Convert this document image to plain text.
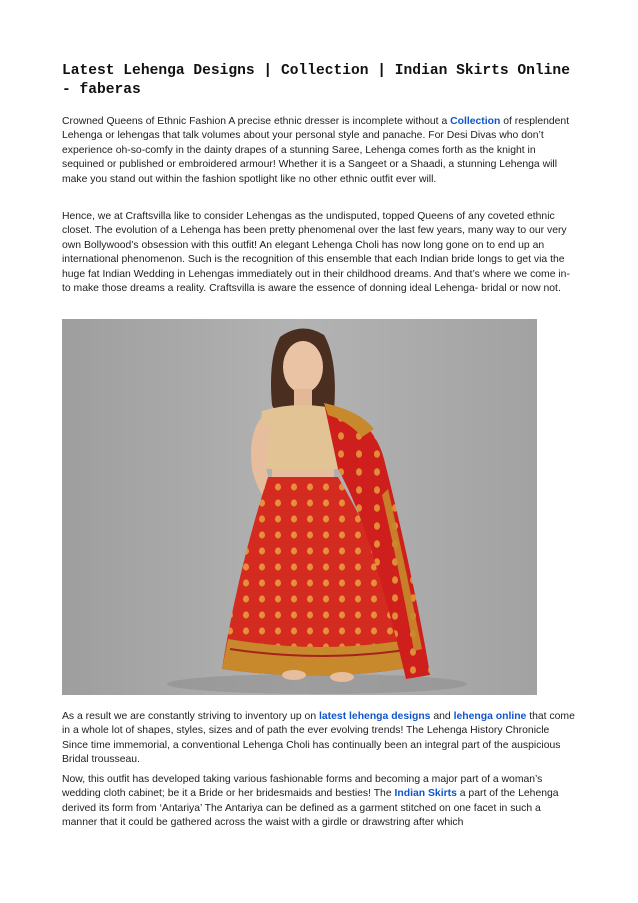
Latest Lehenga Designs | Collection | Indian Skirts Online - faberas

Crowned Queens of Ethnic Fashion A precise ethnic dresser is incomplete without a Collection of resplendent Lehenga or lehengas that talk volumes about your personal style and panache. For Desi Divas who don’t experience oh-so-comfy in the dainty drapes of a stunning Saree, Lehenga comes forth as the knight in sequined or published or embroidered armour! Whether it is a Sangeet or a Shaadi, a stunning Lehenga will make you stand out within the fashion spotlight like no other ethnic outfit ever will.

Hence, we at Craftsvilla like to consider Lehengas as the undisputed, topped Queens of any coveted ethnic closet. The evolution of a Lehenga has been pretty phenomenal over the last few years, many way to our very own Bollywood’s obsession with this outfit! An elegant Lehenga Choli has now long gone on to end up an international phenomenon. Such is the recognition of this ensemble that each Indian bride longs to get via the huge fat Indian Wedding in Lehengas immediately out in their childhood dreams. And that’s where we come in- to make those dreams a reality. Craftsvilla is aware the essence of donning ideal Lehenga- bridal or now not.

As a result we are constantly striving to inventory up on latest lehenga designs and lehenga online that come in a whole lot of shapes, styles, sizes and of path the ever evolving trends! The Lehenga History Chronicle Since time immemorial, a conventional Lehenga Choli has continually been an integral part of the auspicious Bridal trousseau.

Now, this outfit has developed taking various fashionable forms and becoming a major part of a woman’s wedding cloth cabinet; be it a Bride or her bridesmaids and besties! The Indian Skirts a part of the Lehenga derived its form from ‘Antariya’ The Antariya can be defined as a garment stitched on one facet in such a manner that it could be gathered across the waist with a girdle or drawstring after which
